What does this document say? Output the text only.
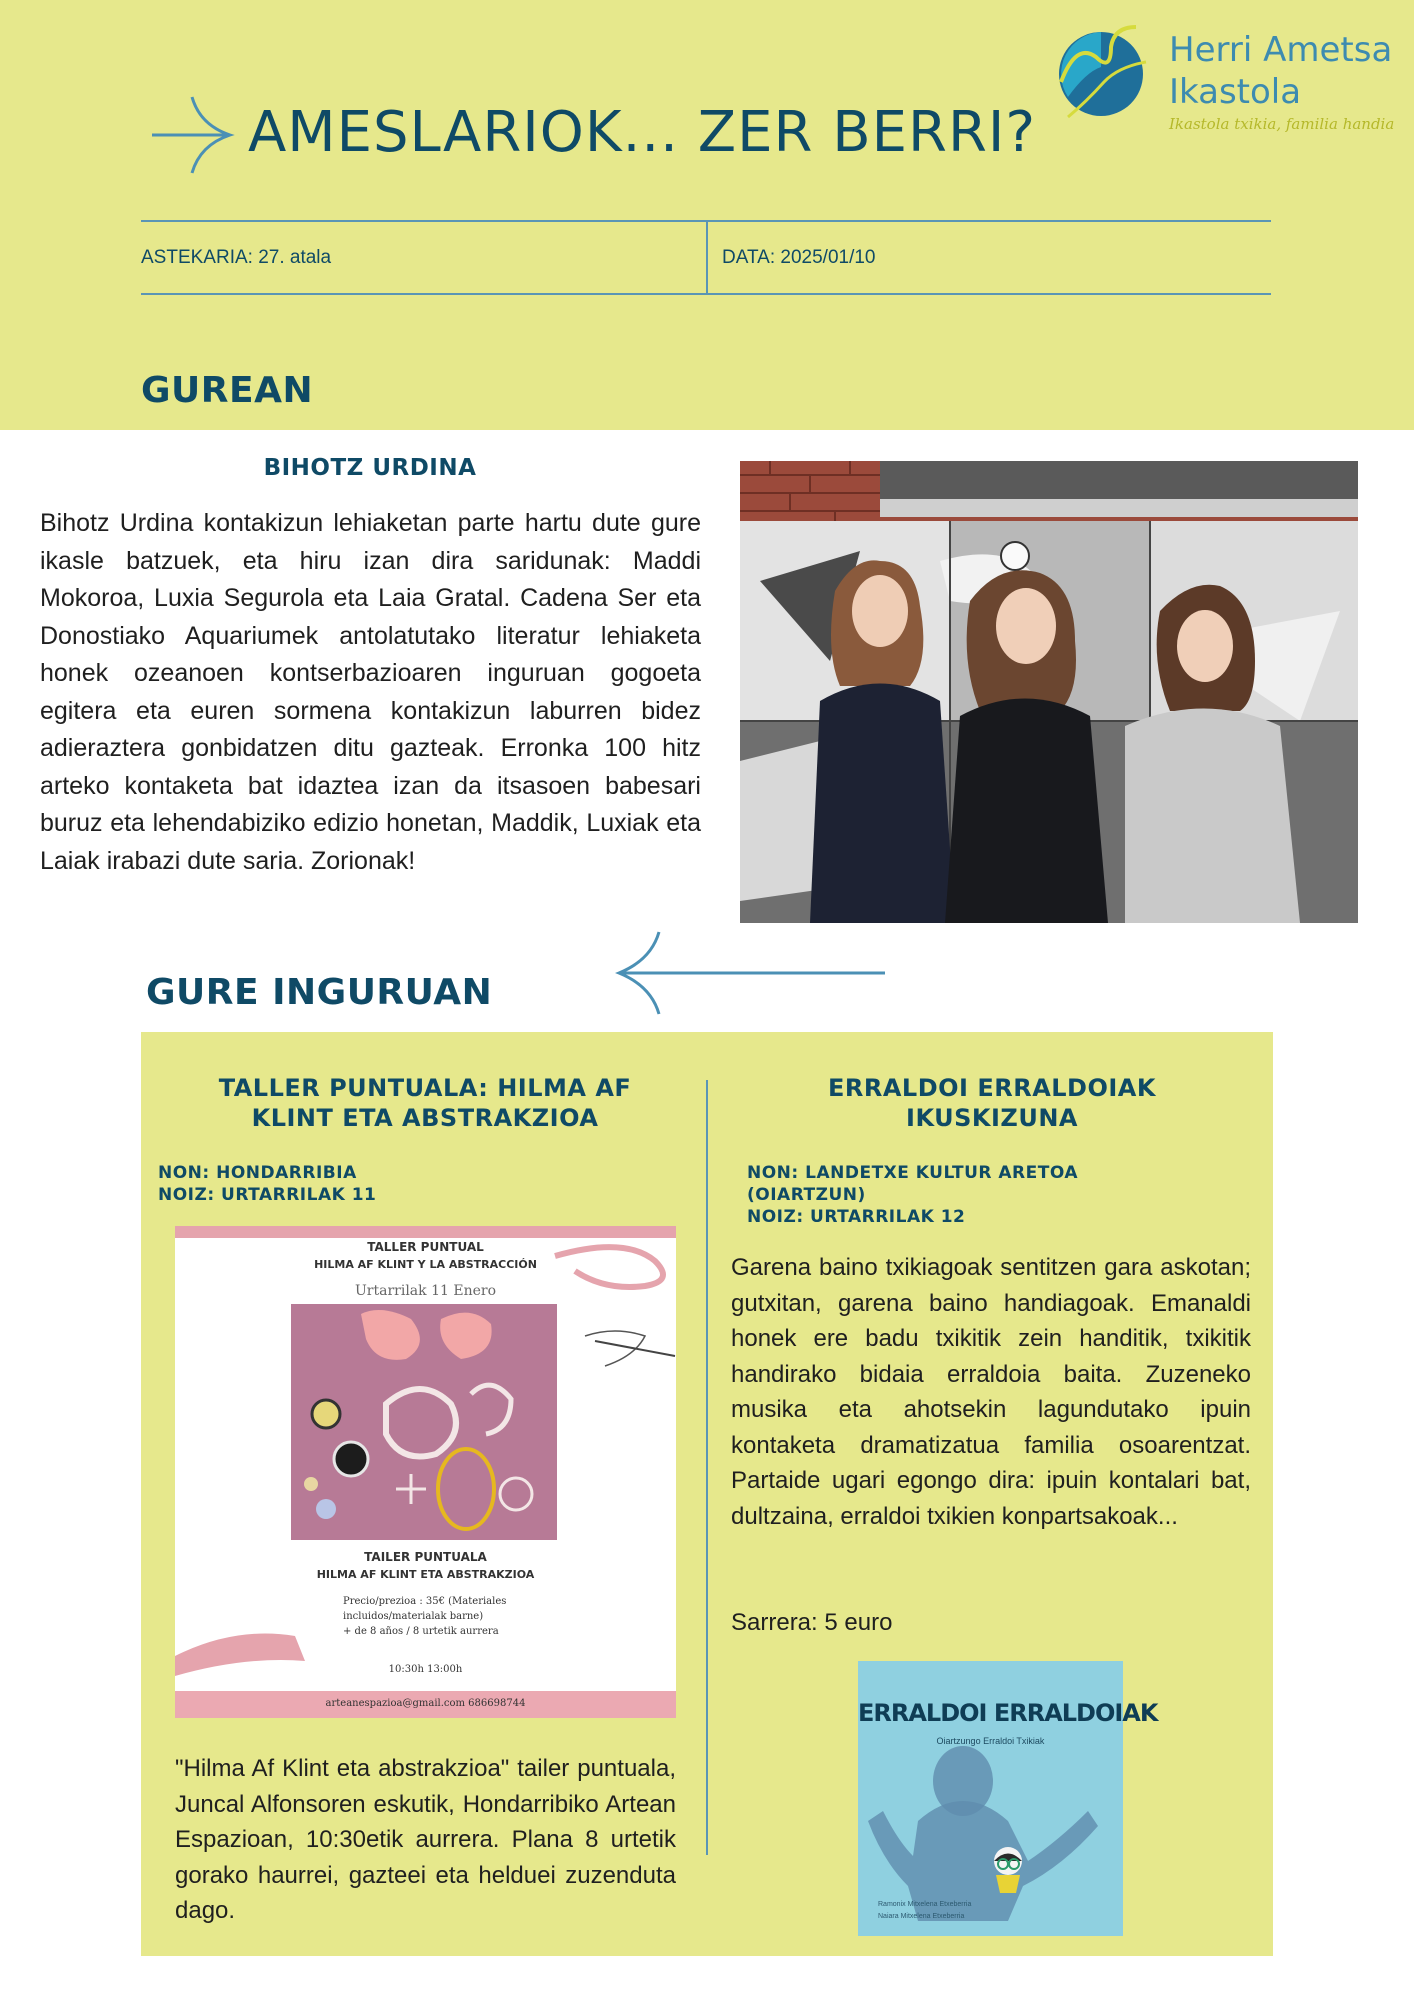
AMESLARIOK... ZER BERRI?
Herri Ametsa
Ikastola
Ikastola txikia, familia handia
ASTEKARIA: 27. atala	DATA: 2025/01/10
GUREAN
BIHOTZ URDINA
Bihotz Urdina kontakizun lehiaketan parte hartu dute gure ikasle batzuek, eta hiru izan dira saridunak: Maddi Mokoroa, Luxia Segurola eta Laia Gratal. Cadena Ser eta Donostiako Aquariumek antolatutako literatur lehiaketa honek ozeanoen kontserbazioaren inguruan gogoeta egitera eta euren sormena kontakizun laburren bidez adieraztera gonbidatzen ditu gazteak. Erronka 100 hitz arteko kontaketa bat idaztea izan da itsasoen babesari buruz eta lehendabiziko edizio honetan, Maddik, Luxiak eta Laiak irabazi dute saria. Zorionak!
GURE INGURUAN
TALLER PUNTUALA: HILMA AF KLINT ETA ABSTRAKZIOA
NON: HONDARRIBIA
NOIZ: URTARRILAK 11
TALLER PUNTUAL
HILMA AF KLINT Y LA ABSTRACCIÓN
Urtarrilak 11 Enero
TAILER PUNTUALA
HILMA AF KLINT ETA ABSTRAKZIOA
Precio/prezioa : 35€ (Materiales
incluidos/materialak barne)
+ de 8 años / 8 urtetik aurrera
10:30h 13:00h
arteanespazioa@gmail.com 686698744
"Hilma Af Klint eta abstrakzioa" tailer puntuala, Juncal Alfonsoren eskutik, Hondarribiko Artean Espazioan, 10:30etik aurrera. Plana 8 urtetik gorako haurrei, gazteei eta helduei zuzenduta dago.
ERRALDOI ERRALDOIAK IKUSKIZUNA
NON: LANDETXE KULTUR ARETOA
(OIARTZUN)
NOIZ: URTARRILAK 12
Garena baino txikiagoak sentitzen gara askotan; gutxitan, garena baino handiagoak. Emanaldi honek ere badu txikitik zein handitik, txikitik handirako bidaia erraldoia baita. Zuzeneko musika eta ahotsekin lagundutako ipuin kontaketa dramatizatua familia osoarentzat. Partaide ugari egongo dira: ipuin kontalari bat, dultzaina, erraldoi txikien konpartsakoak...
Sarrera: 5 euro
ERRALDOI ERRALDOIAK
Oiartzungo Erraldoi Txikiak
Ramonix Mitxelena Etxeberria
Naiara Mitxelena Etxeberria
